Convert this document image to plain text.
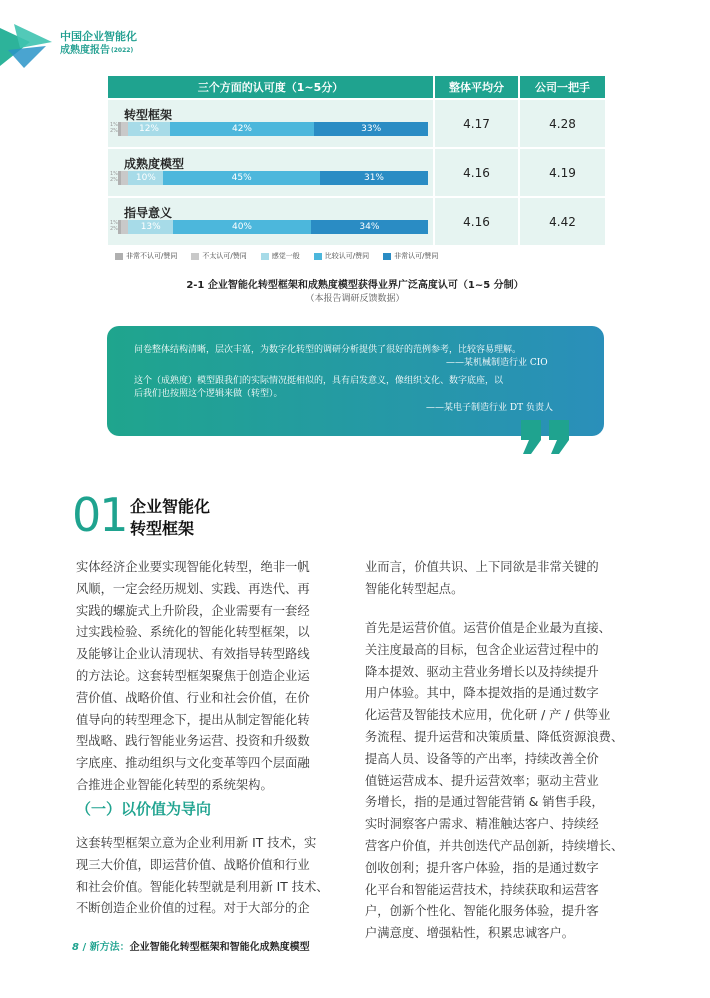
中国企业智能化
成熟度报告$^{(2022)}$
三个方面的认可度（1~5分）	整体平均分	公司一把手
转型框架
1%
2%	12%	42%	33%	4.17	4.28
成熟度模型
1%
2%	10%	45%	31%	4.16	4.19
指导意义
1%
2%	13%	40%	34%	4.16	4.42
非常不认可/赞同	不太认可/赞同	感觉一般	比较认可/赞同	非常认可/赞同
2-1 企业智能化转型框架和成熟度模型获得业界广泛高度认可（1~5 分制）
（本报告调研反馈数据）
问卷整体结构清晰，层次丰富，为数字化转型的调研分析提供了很好的范例参考，比较容易理解。
——某机械制造行业 CIO
这个（成熟度）模型跟我们的实际情况挺相似的，具有启发意义，像组织文化、数字底座，以
后我们也按照这个逻辑来做（转型）。
——某电子制造行业 DT 负责人
01 企业智能化
转型框架
实体经济企业要实现智能化转型，绝非一帆
风顺，一定会经历规划、实践、再迭代、再
实践的螺旋式上升阶段，企业需要有一套经
过实践检验、系统化的智能化转型框架，以
及能够让企业认清现状、有效指导转型路线
的方法论。这套转型框架聚焦于创造企业运
营价值、战略价值、行业和社会价值，在价
值导向的转型理念下，提出从制定智能化转
型战略、践行智能业务运营、投资和升级数
字底座、推动组织与文化变革等四个层面融
合推进企业智能化转型的系统架构。
（一）以价值为导向
这套转型框架立意为企业利用新 IT 技术，实
现三大价值，即运营价值、战略价值和行业
和社会价值。智能化转型就是利用新 IT 技术、
不断创造企业价值的过程。对于大部分的企
业而言，价值共识、上下同欲是非常关键的
智能化转型起点。
首先是运营价值。运营价值是企业最为直接、
关注度最高的目标，包含企业运营过程中的
降本提效、驱动主营业务增长以及持续提升
用户体验。其中，降本提效指的是通过数字
化运营及智能技术应用，优化研 / 产 / 供等业
务流程、提升运营和决策质量、降低资源浪费、
提高人员、设备等的产出率，持续改善全价
值链运营成本、提升运营效率；驱动主营业
务增长，指的是通过智能营销 & 销售手段，
实时洞察客户需求、精准触达客户、持续经
营客户价值，并共创迭代产品创新，持续增长、
创收创利；提升客户体验，指的是通过数字
化平台和智能运营技术，持续获取和运营客
户，创新个性化、智能化服务体验，提升客
户满意度、增强粘性，积累忠诚客户。
8 / 新方法：企业智能化转型框架和智能化成熟度模型
